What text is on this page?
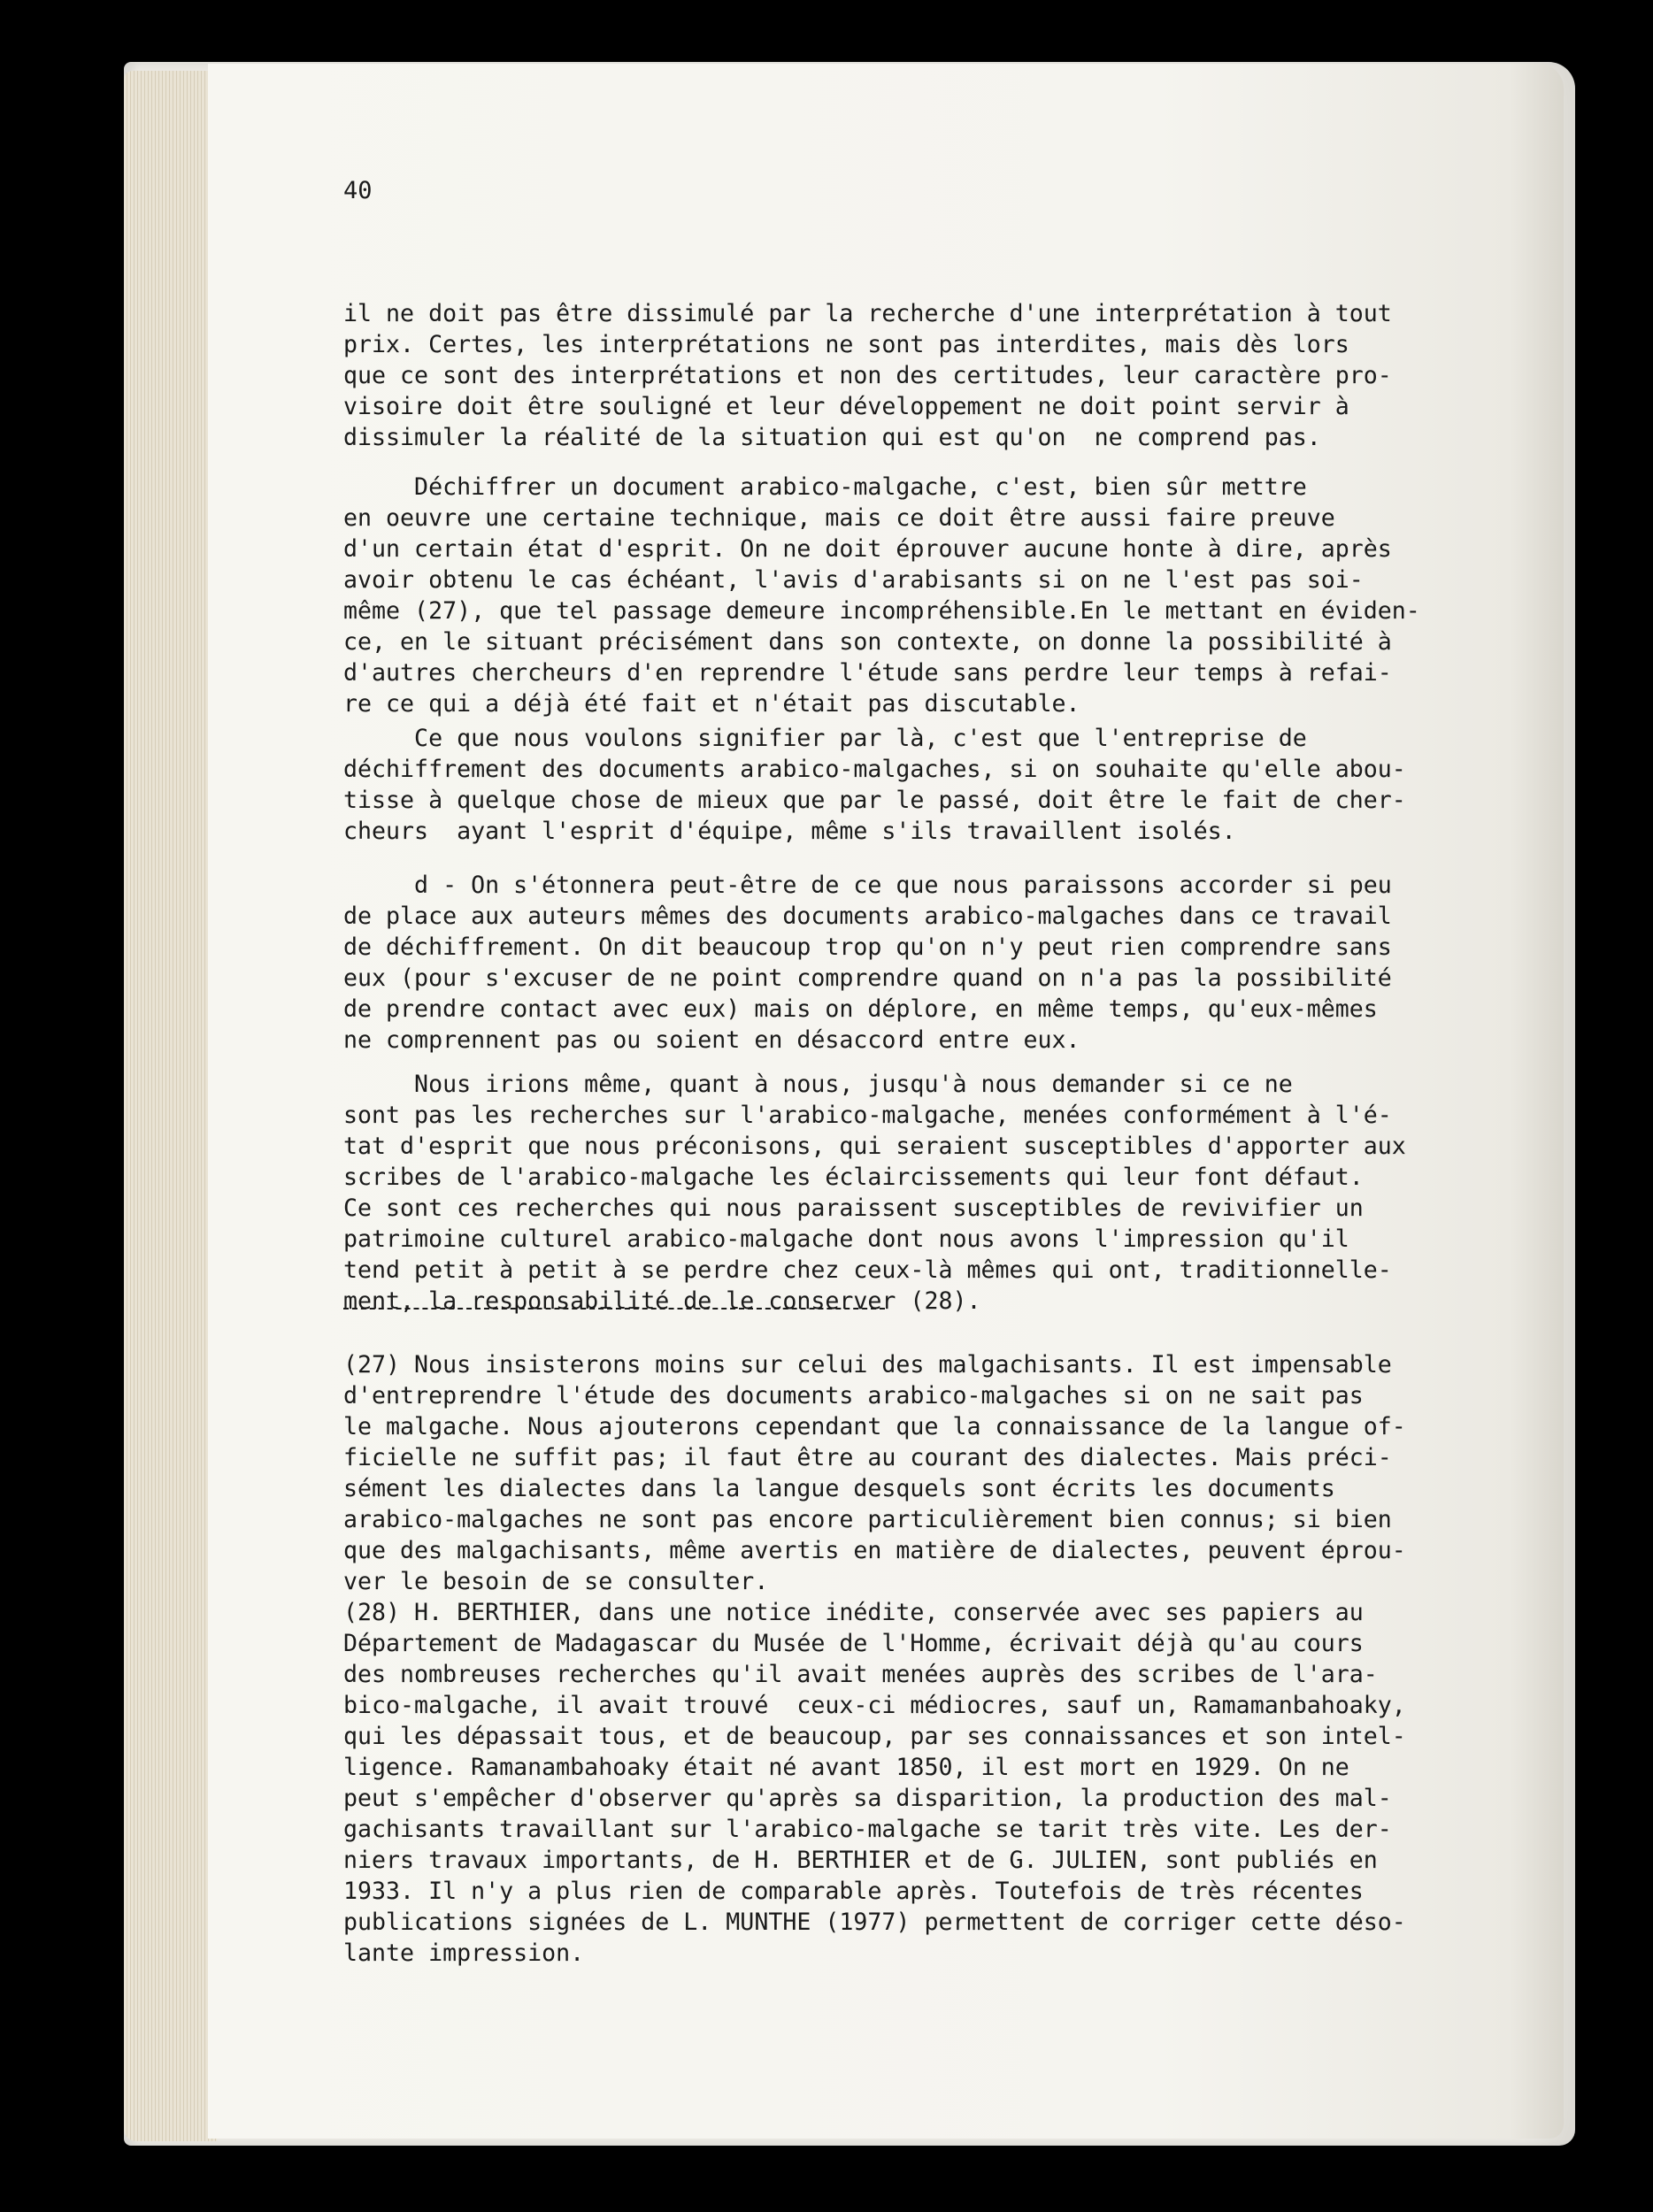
40

il ne doit pas être dissimulé par la recherche d'une interprétation à tout
prix. Certes, les interprétations ne sont pas interdites, mais dès lors
que ce sont des interprétations et non des certitudes, leur caractère pro-
visoire doit être souligné et leur développement ne doit point servir à
dissimuler la réalité de la situation qui est qu'on  ne comprend pas.

Déchiffrer un document arabico-malgache, c'est, bien sûr mettre
en oeuvre une certaine technique, mais ce doit être aussi faire preuve
d'un certain état d'esprit. On ne doit éprouver aucune honte à dire, après
avoir obtenu le cas échéant, l'avis d'arabisants si on ne l'est pas soi-
même (27), que tel passage demeure incompréhensible.En le mettant en éviden-
ce, en le situant précisément dans son contexte, on donne la possibilité à
d'autres chercheurs d'en reprendre l'étude sans perdre leur temps à refai-
re ce qui a déjà été fait et n'était pas discutable.

Ce que nous voulons signifier par là, c'est que l'entreprise de
déchiffrement des documents arabico-malgaches, si on souhaite qu'elle abou-
tisse à quelque chose de mieux que par le passé, doit être le fait de cher-
cheurs  ayant l'esprit d'équipe, même s'ils travaillent isolés.

d - On s'étonnera peut-être de ce que nous paraissons accorder si peu
de place aux auteurs mêmes des documents arabico-malgaches dans ce travail
de déchiffrement. On dit beaucoup trop qu'on n'y peut rien comprendre sans
eux (pour s'excuser de ne point comprendre quand on n'a pas la possibilité
de prendre contact avec eux) mais on déplore, en même temps, qu'eux-mêmes
ne comprennent pas ou soient en désaccord entre eux.

Nous irions même, quant à nous, jusqu'à nous demander si ce ne
sont pas les recherches sur l'arabico-malgache, menées conformément à l'é-
tat d'esprit que nous préconisons, qui seraient susceptibles d'apporter aux
scribes de l'arabico-malgache les éclaircissements qui leur font défaut.
Ce sont ces recherches qui nous paraissent susceptibles de revivifier un
patrimoine culturel arabico-malgache dont nous avons l'impression qu'il
tend petit à petit à se perdre chez ceux-là mêmes qui ont, traditionnelle-
ment, la responsabilité de le conserver (28).

(27) Nous insisterons moins sur celui des malgachisants. Il est impensable
d'entreprendre l'étude des documents arabico-malgaches si on ne sait pas
le malgache. Nous ajouterons cependant que la connaissance de la langue of-
ficielle ne suffit pas; il faut être au courant des dialectes. Mais préci-
sément les dialectes dans la langue desquels sont écrits les documents
arabico-malgaches ne sont pas encore particulièrement bien connus; si bien
que des malgachisants, même avertis en matière de dialectes, peuvent éprou-
ver le besoin de se consulter.

(28) H. BERTHIER, dans une notice inédite, conservée avec ses papiers au
Département de Madagascar du Musée de l'Homme, écrivait déjà qu'au cours
des nombreuses recherches qu'il avait menées auprès des scribes de l'ara-
bico-malgache, il avait trouvé  ceux-ci médiocres, sauf un, Ramamanbahoaky,
qui les dépassait tous, et de beaucoup, par ses connaissances et son intel-
ligence. Ramanambahoaky était né avant 1850, il est mort en 1929. On ne
peut s'empêcher d'observer qu'après sa disparition, la production des mal-
gachisants travaillant sur l'arabico-malgache se tarit très vite. Les der-
niers travaux importants, de H. BERTHIER et de G. JULIEN, sont publiés en
1933. Il n'y a plus rien de comparable après. Toutefois de très récentes
publications signées de L. MUNTHE (1977) permettent de corriger cette déso-
lante impression.
